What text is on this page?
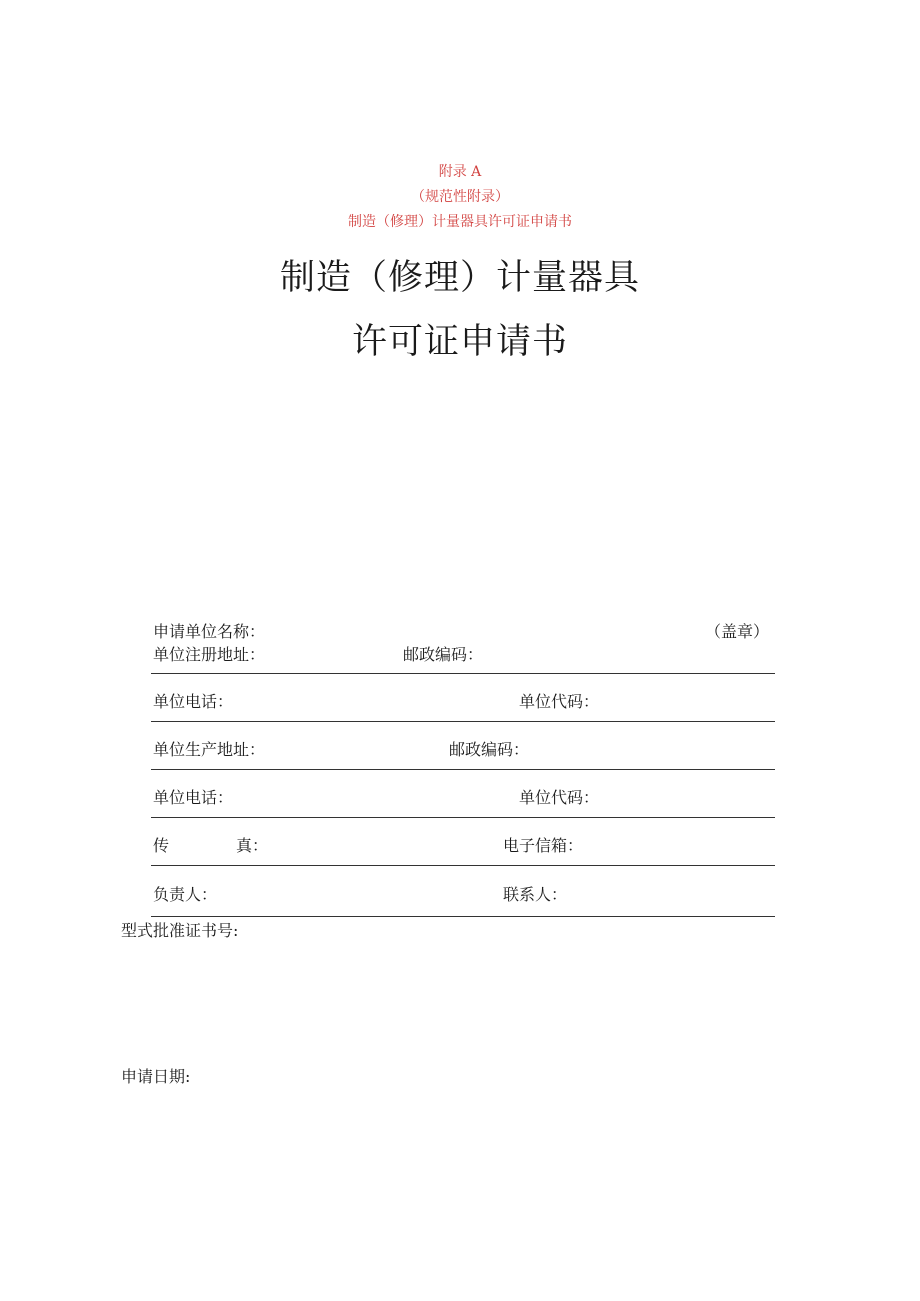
附录 A
（规范性附录）
制造（修理）计量器具许可证申请书
制造（修理）计量器具
许可证申请书
申请单位名称：	（盖章）
单位注册地址：	邮政编码：
单位电话：	单位代码：
单位生产地址：	邮政编码：
单位电话：	单位代码：
传	真：	电子信箱：
负责人：	联系人：
型式批准证书号:
申请日期:
